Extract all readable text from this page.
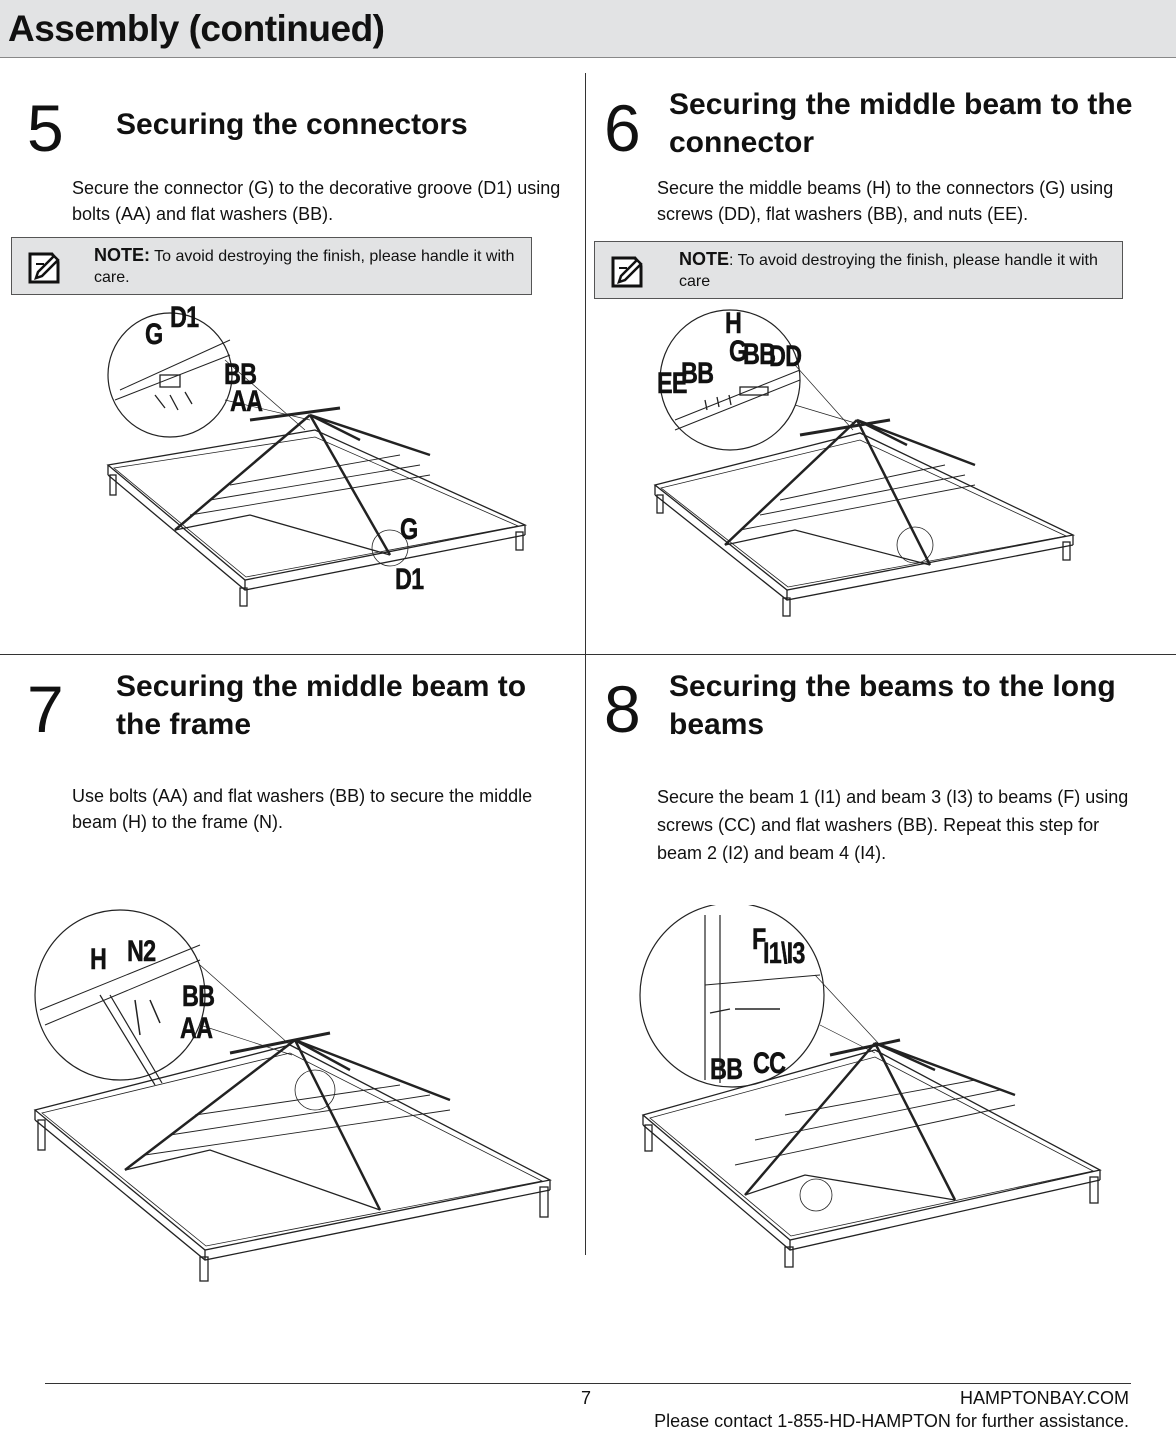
Assembly (continued)
5 Securing the connectors
Secure the connector (G) to the decorative groove (D1) using bolts (AA) and flat washers (BB).
NOTE: To avoid destroying the finish, please handle it with care.
G
D1
BB
AA
G
D1
6 Securing the middle beam to the connector
Secure the middle beams (H) to the connectors (G) using screws (DD), flat washers (BB), and nuts (EE).
NOTE: To avoid destroying the finish, please handle it with care
H
G
BB
DD
EE
BB
7 Securing the middle beam to the frame
Use bolts (AA) and flat washers (BB) to secure the middle beam (H) to the frame (N).
H N2
BB
AA
8 Securing the beams to the long beams
Secure the beam 1 (I1) and beam 3 (I3) to beams (F) using screws (CC) and flat washers (BB). Repeat this step for beam 2 (I2) and beam 4 (I4).
F
I1\I3
BB CC
7	HAMPTONBAY.COM
Please contact 1-855-HD-HAMPTON for further assistance.
